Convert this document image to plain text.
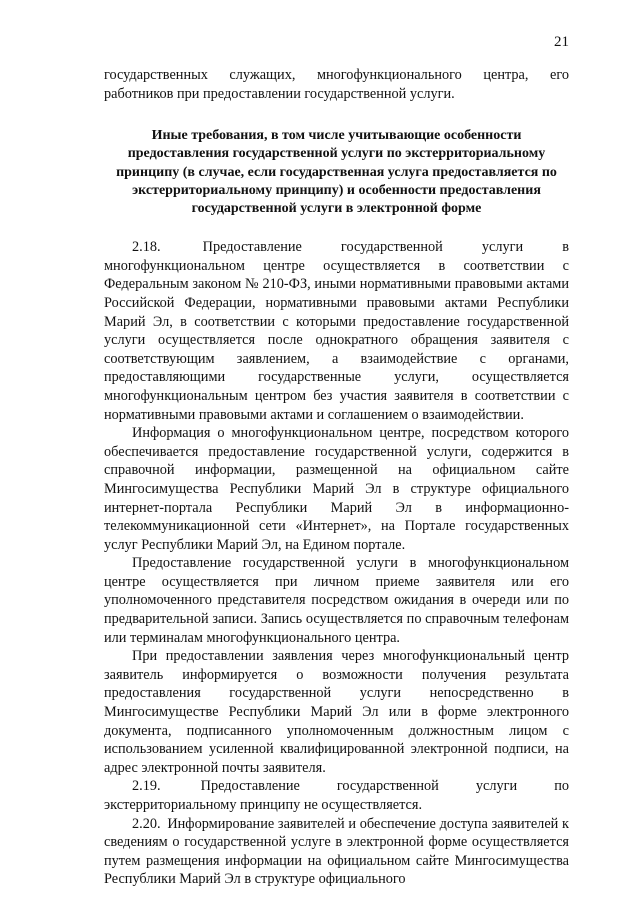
21

государственных служащих, многофункционального центра, его работников при предоставлении государственной услуги.

Иные требования, в том числе учитывающие особенности предоставления государственной услуги по экстерриториальному принципу (в случае, если государственная услуга предоставляется по экстерриториальному принципу) и особенности предоставления государственной услуги в электронной форме

2.18.	Предоставление государственной услуги в многофункциональном центре осуществляется в соответствии с Федеральным законом № 210-ФЗ, иными нормативными правовыми актами Российской Федерации, нормативными правовыми актами Республики Марий Эл, в соответствии с которыми предоставление государственной услуги осуществляется после однократного обращения заявителя с соответствующим заявлением, а взаимодействие с органами, предоставляющими государственные услуги, осуществляется многофункциональным центром без участия заявителя в соответствии с нормативными правовыми актами и соглашением о взаимодействии.

Информация о многофункциональном центре, посредством которого обеспечивается предоставление государственной услуги, содержится в справочной информации, размещенной на официальном сайте Мингосимущества Республики Марий Эл в структуре официального интернет-портала Республики Марий Эл в информационно-телекоммуникационной сети «Интернет», на Портале государственных услуг Республики Марий Эл, на Едином портале.

Предоставление государственной услуги в многофункциональном центре осуществляется при личном приеме заявителя или его уполномоченного представителя посредством ожидания в очереди или по предварительной записи. Запись осуществляется по справочным телефонам или терминалам многофункционального центра.

При предоставлении заявления через многофункциональный центр заявитель информируется о возможности получения результата предоставления государственной услуги непосредственно в Мингосимуществе Республики Марий Эл или в форме электронного документа, подписанного уполномоченным должностным лицом с использованием усиленной квалифицированной электронной подписи, на адрес электронной почты заявителя.

2.19.	Предоставление государственной услуги по экстерриториальному принципу не осуществляется.

2.20. Информирование заявителей и обеспечение доступа заявителей к сведениям о государственной услуге в электронной форме осуществляется путем размещения информации на официальном сайте Мингосимущества Республики Марий Эл в структуре официального
